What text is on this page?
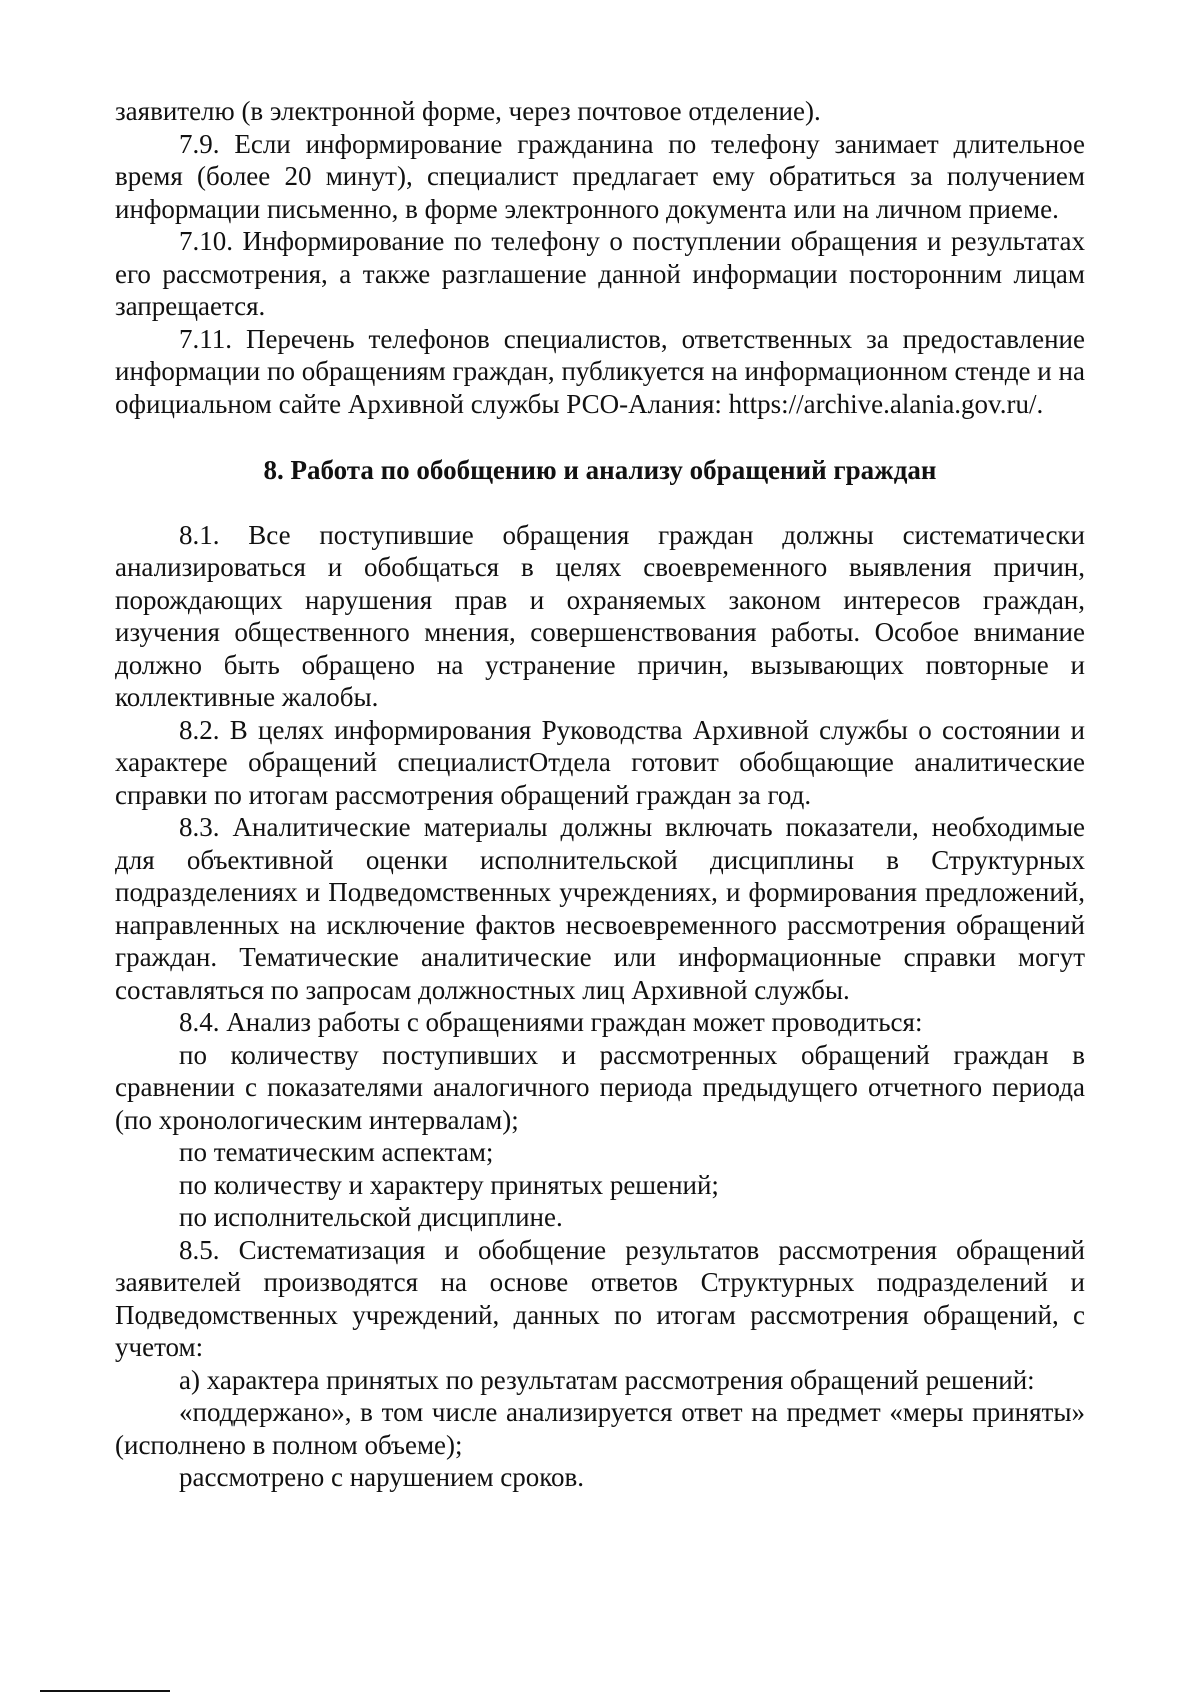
заявителю (в электронной форме, через почтовое отделение).

7.9. Если информирование гражданина по телефону занимает длительное время (более 20 минут), специалист предлагает ему обратиться за получением информации письменно, в форме электронного документа или на личном приеме.

7.10. Информирование по телефону о поступлении обращения и результатах его рассмотрения, а также разглашение данной информации посторонним лицам запрещается.

7.11. Перечень телефонов специалистов, ответственных за предоставление информации по обращениям граждан, публикуется на информационном стенде и на официальном сайте Архивной службы РСО-Алания: https://archive.alania.gov.ru/.

8. Работа по обобщению и анализу обращений граждан

8.1. Все поступившие обращения граждан должны систематически анализироваться и обобщаться в целях своевременного выявления причин, порождающих нарушения прав и охраняемых законом интересов граждан, изучения общественного мнения, совершенствования работы. Особое внимание должно быть обращено на устранение причин, вызывающих повторные и коллективные жалобы.

8.2. В целях информирования Руководства Архивной службы о состоянии и характере обращений специалистОтдела готовит обобщающие аналитические справки по итогам рассмотрения обращений граждан за год.

8.3. Аналитические материалы должны включать показатели, необходимые для объективной оценки исполнительской дисциплины в Структурных подразделениях и Подведомственных учреждениях, и формирования предложений, направленных на исключение фактов несвоевременного рассмотрения обращений граждан. Тематические аналитические или информационные справки могут составляться по запросам должностных лиц Архивной службы.

8.4. Анализ работы с обращениями граждан может проводиться:

по количеству поступивших и рассмотренных обращений граждан в сравнении с показателями аналогичного периода предыдущего отчетного периода (по хронологическим интервалам);

по тематическим аспектам;

по количеству и характеру принятых решений;

по исполнительской дисциплине.

8.5. Систематизация и обобщение результатов рассмотрения обращений заявителей производятся на основе ответов Структурных подразделений и Подведомственных учреждений, данных по итогам рассмотрения обращений, с учетом:

а) характера принятых по результатам рассмотрения обращений решений:

«поддержано», в том числе анализируется ответ на предмет «меры приняты» (исполнено в полном объеме);

рассмотрено с нарушением сроков.
